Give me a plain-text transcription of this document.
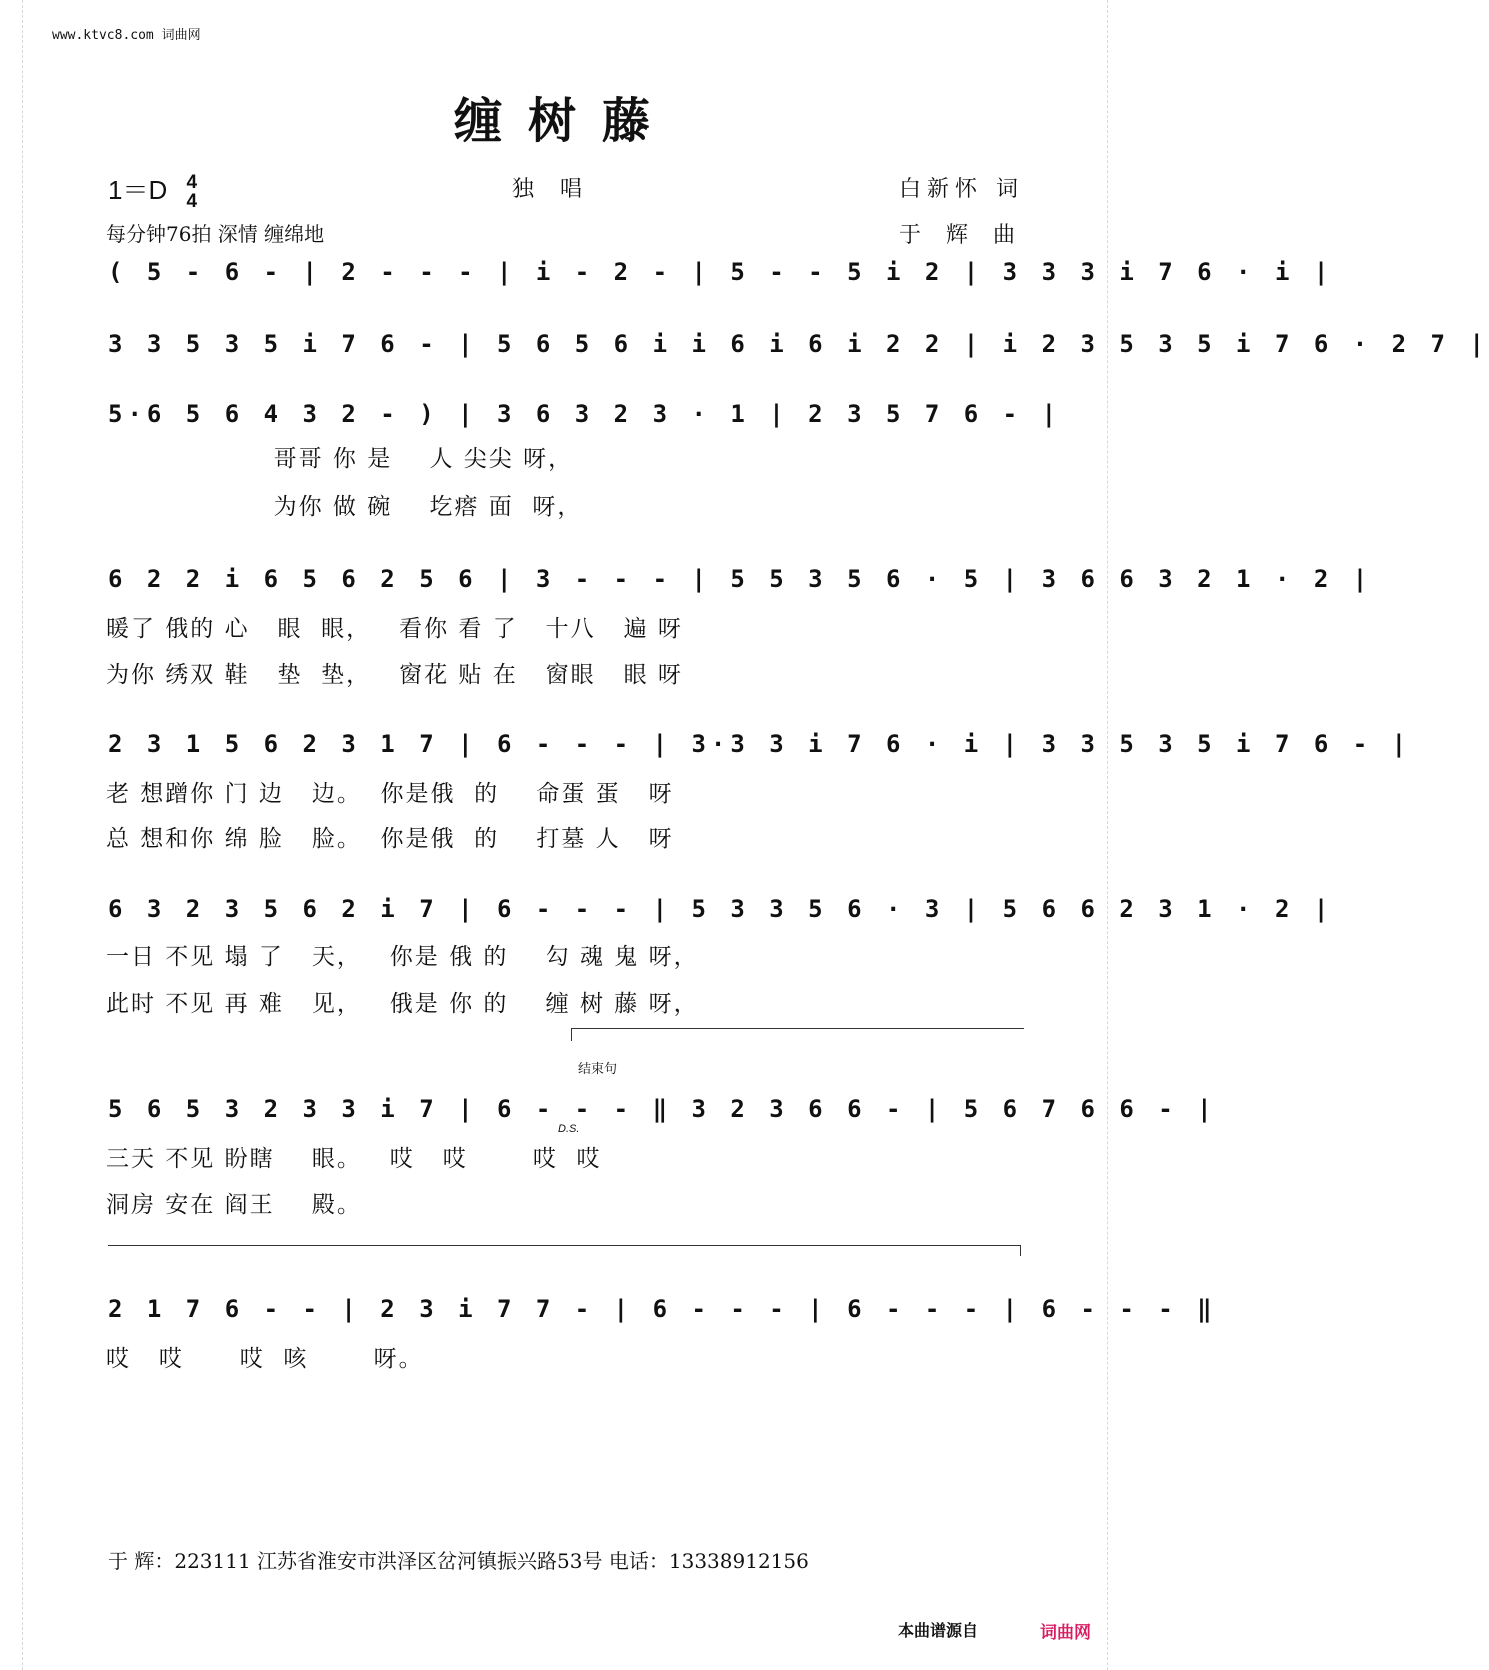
www.ktvc8.com 词曲网
缠树藤
1＝D 4
4	独唱	白新怀 词
每分钟76拍 深情 缠绵地	于 辉 曲
( 5 - 6 - | 2 - - - | i - 2 - | 5 - - 5 i 2 | 3 3 3 i 7 6 · i |
3 3 5 3 5 i 7 6 - | 5 6 5 6 i i 6 i 6 i 2 2 | i 2 3 5 3 5 i 7 6 · 2 7 |
5·6 5 6 4 3 2 - ) | 3 6 3 2 3 · 1 | 2 3 5 7 6 - |
哥哥 你 是    人 尖尖 呀，
为你 做 碗    圪瘩 面  呀，
6 2 2 i 6 5 6 2 5 6 | 3 - - - | 5 5 3 5 6 · 5 | 3 6 6 3 2 1 · 2 |
暖了 俄的 心   眼  眼，   看你 看 了   十八   遍 呀
为你 绣双 鞋   垫  垫，   窗花 贴 在   窗眼   眼 呀
2 3 1 5 6 2 3 1 7 | 6 - - - | 3·3 3 i 7 6 · i | 3 3 5 3 5 i 7 6 - |
老 想蹭你 门 边   边。  你是俄  的    命蛋 蛋   呀
总 想和你 绵 脸   脸。  你是俄  的    打墓 人   呀
6 3 2 3 5 6 2 i 7 | 6 - - - | 5 3 3 5 6 · 3 | 5 6 6 2 3 1 · 2 |
一日 不见 塌 了   天，   你是 俄 的    勾 魂 鬼 呀，
此时 不见 再 难   见，   俄是 你 的    缠 树 藤 呀，
结束句
D.S.
5 6 5 3 2 3 3 i 7 | 6 - - - ‖ 3 2 3 6 6 - | 5 6 7 6 6 - |
三天 不见 盼瞎    眼。   哎   哎       哎  哎
洞房 安在 阎王    殿。
2 1 7 6 - - | 2 3 i 7 7 - | 6 - - - | 6 - - - | 6 - - - ‖
哎   哎      哎  咳       呀。
于 辉：223111 江苏省淮安市洪泽区岔河镇振兴路53号 电话：13338912156
本曲谱源自	词曲网
